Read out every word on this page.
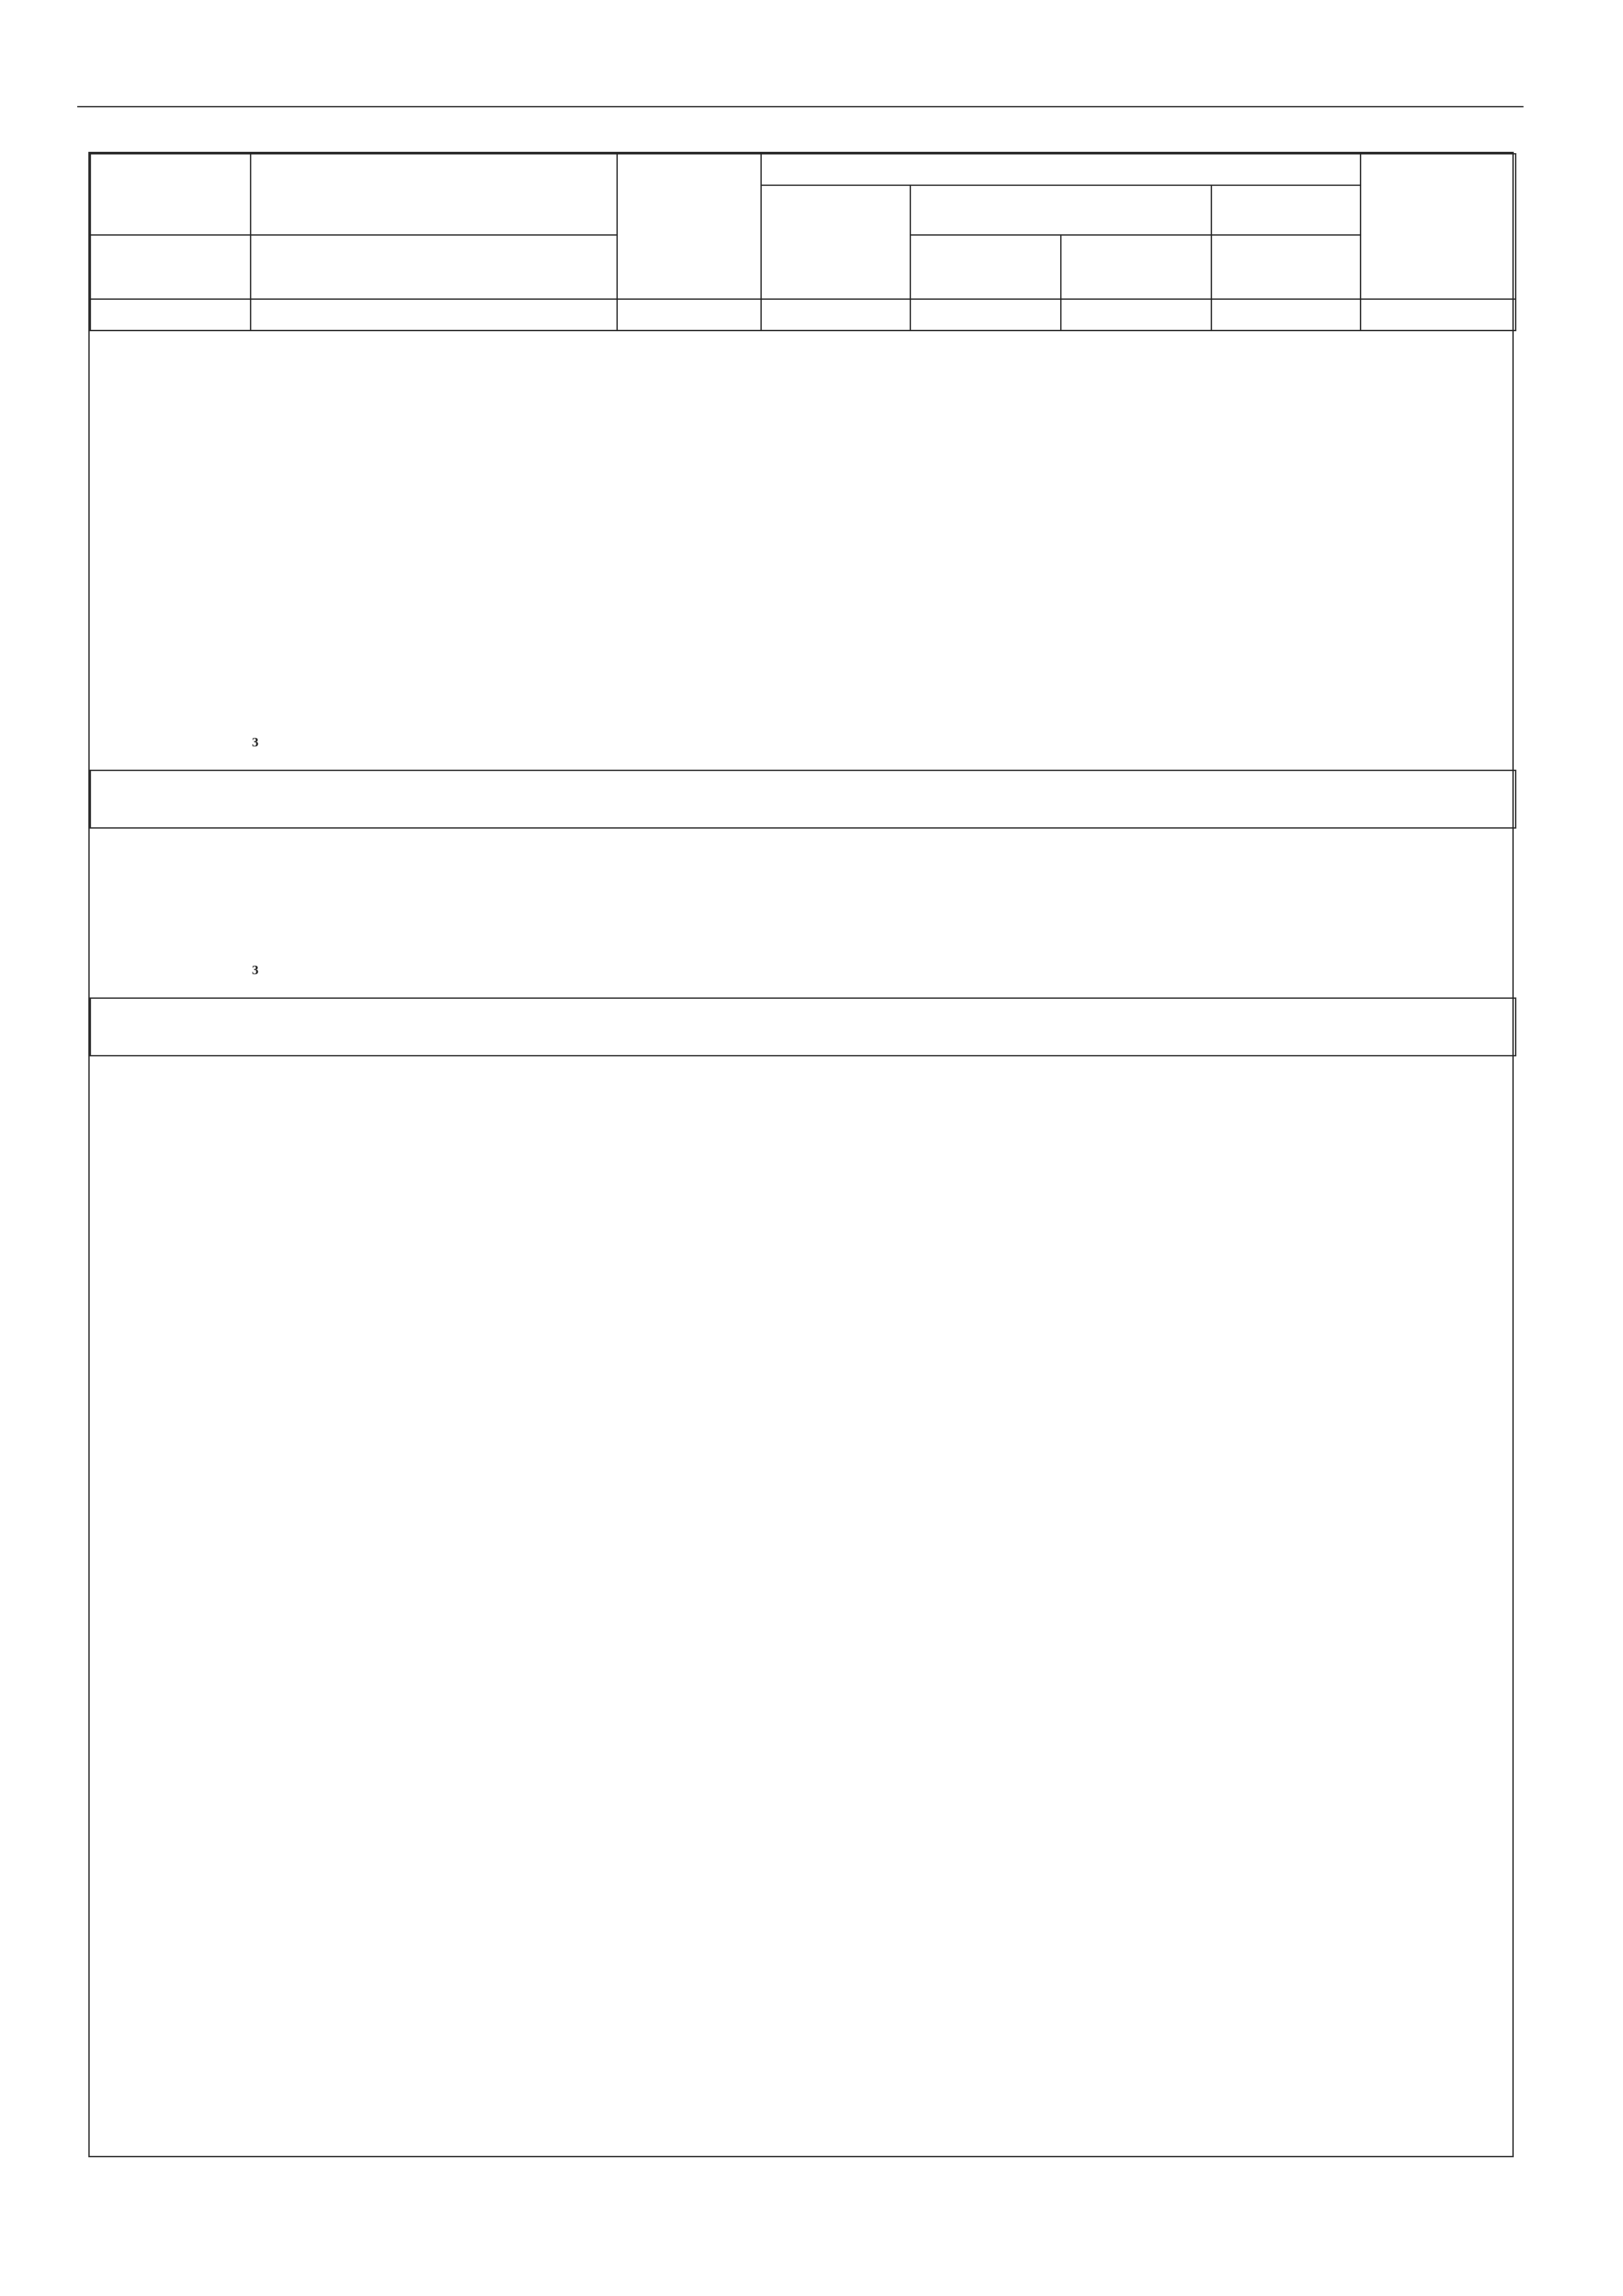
$^3$
$^3$
